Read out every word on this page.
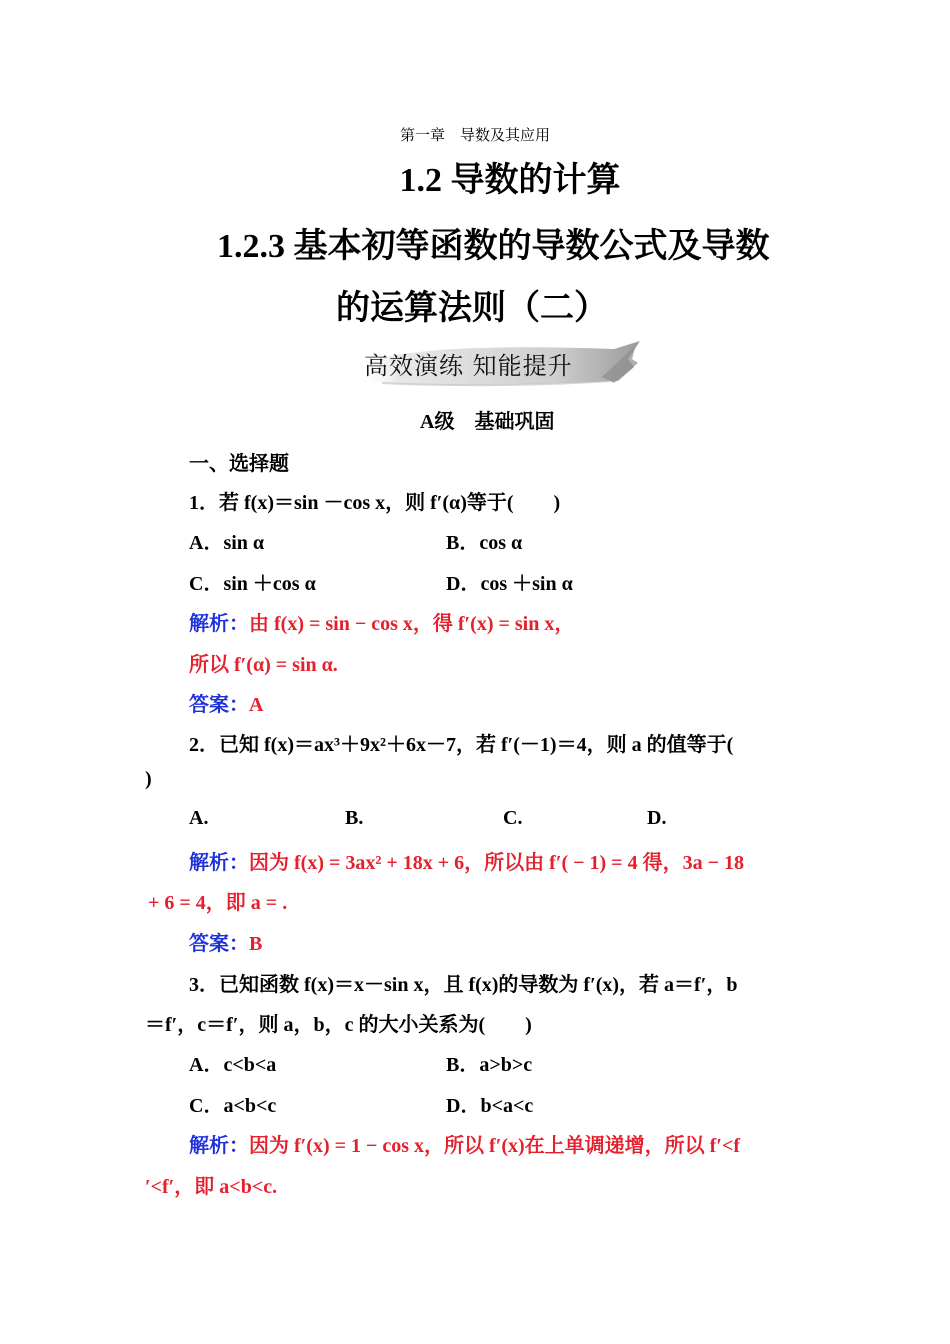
第一章　导数及其应用
1.2 导数的计算
1.2.3 基本初等函数的导数公式及导数
的运算法则（二）
高效演练 知能提升
A级　基础巩固
一、选择题
1．若 f(x)＝sin －cos x，则 f′(α)等于(　　)
A．sin α	B．cos α
C．sin ＋cos α	D．cos ＋sin α
解析：由 f(x) = sin − cos x，得 f′(x) = sin x，
所以 f′(α) = sin α.
答案：A
2．已知 f(x)＝ax³＋9x²＋6x－7，若 f′(－1)＝4，则 a 的值等于(
)
A.	B.	C.	D.
解析：因为 f(x) = 3ax² + 18x + 6，所以由 f′( − 1) = 4 得，3a − 18
+ 6 = 4，即 a = .
答案：B
3．已知函数 f(x)＝x－sin x，且 f(x)的导数为 f′(x)，若 a＝f′，b
＝f′，c＝f′，则 a，b，c 的大小关系为(　　)
A．c<b<a	B．a>b>c
C．a<b<c	D．b<a<c
解析：因为 f′(x) = 1 − cos x，所以 f′(x)在上单调递增，所以 f′<f
′<f′，即 a<b<c.
